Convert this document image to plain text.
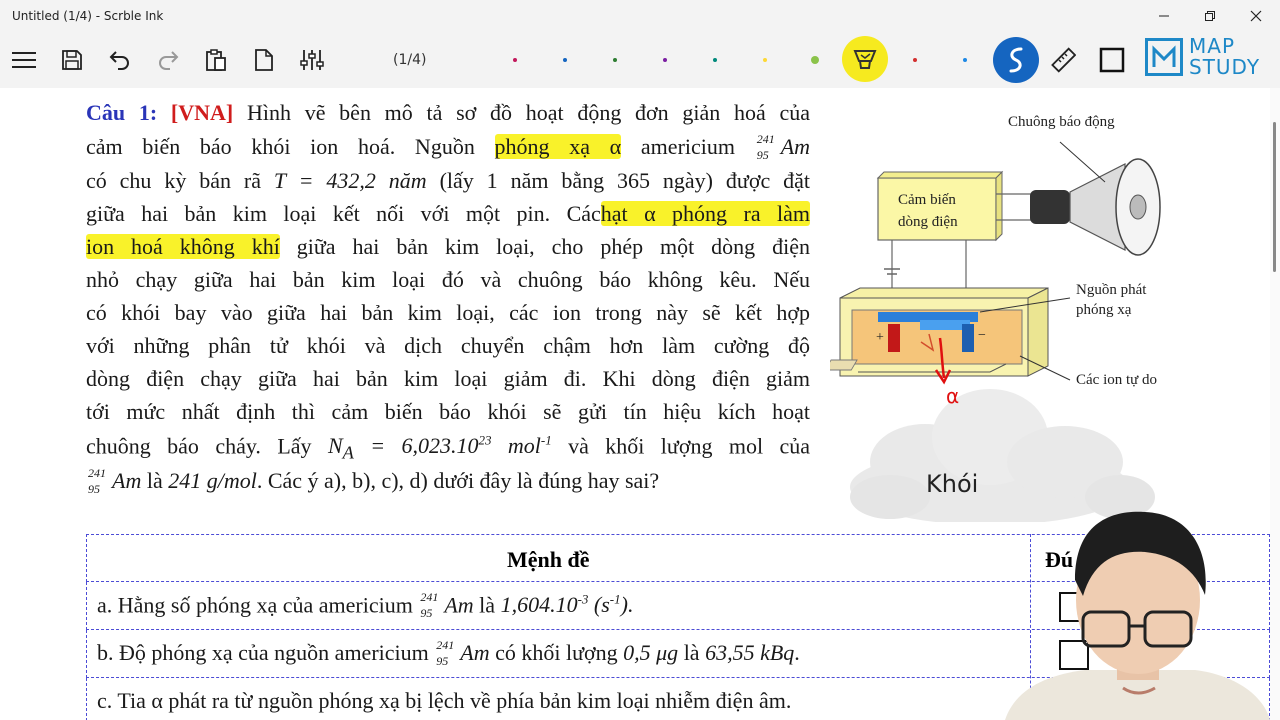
Untitled (1/4) - Scrble Ink
(1/4)
MAP
STUDY
Câu 1: [VNA] Hình vẽ bên mô tả sơ đồ hoạt động đơn giản hoá của
cảm biến báo khói ion hoá. Nguồn phóng xạ α americium 241
95 Am
có chu kỳ bán rã T = 432,2 năm (lấy 1 năm bằng 365 ngày) được đặt
giữa hai bản kim loại kết nối với một pin. Cáchạt α phóng ra làm
ion hoá không khí giữa hai bản kim loại, cho phép một dòng điện
nhỏ chạy giữa hai bản kim loại đó và chuông báo không kêu. Nếu
có khói bay vào giữa hai bản kim loại, các ion trong này sẽ kết hợp
với những phân tử khói và dịch chuyển chậm hơn làm cường độ
dòng điện chạy giữa hai bản kim loại giảm đi. Khi dòng điện giảm
tới mức nhất định thì cảm biến báo khói sẽ gửi tín hiệu kích hoạt
chuông báo cháy. Lấy $N_A = 6,023.10^{23}$ mol$^{-1}$ và khối lượng mol của
241
95 Am là 241 g/mol. Các ý a), b), c), d) dưới đây là đúng hay sai?
Chuông báo động
Cảm biến
dòng điện
Nguồn phát
phóng xạ
Các ion tự do
+	−
α
Khói
Mệnh đề	Đú
a. Hằng số phóng xạ của americium 241
95 Am là $1,604.10^{-3}$ $(s^{-1})$.
b. Độ phóng xạ của nguồn americium 241
95 Am có khối lượng 0,5 μg là 63,55 kBq.
c. Tia α phát ra từ nguồn phóng xạ bị lệch về phía bản kim loại nhiễm điện âm.
